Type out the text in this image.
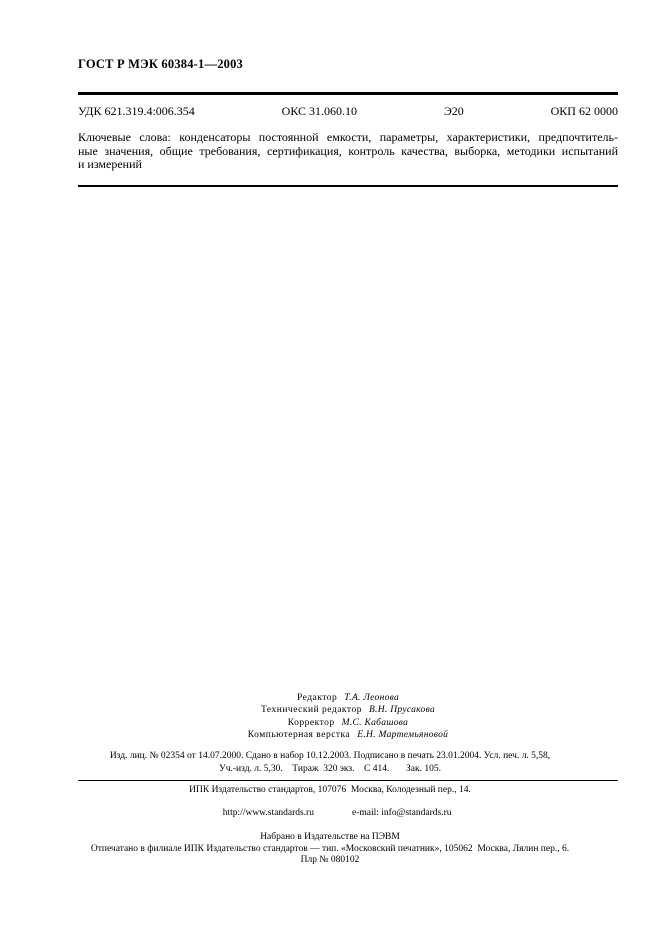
ГОСТ Р МЭК 60384-1—2003
УДК 621.319.4:006.354	ОКС 31.060.10	Э20	ОКП 62 0000
Ключевые слова: конденсаторы постоянной емкости, параметры, характеристики, предпочтитель-
ные значения, общие требования, сертификация, контроль качества, выборка, методики испытаний
и измерений
Редактор Т.А. Леонова
Технический редактор В.Н. Прусакова
Корректор М.С. Кабашова
Компьютерная верстка Е.Н. Мартемьяновой
Изд. лиц. № 02354 от 14.07.2000. Сдано в набор 10.12.2003. Подписано в печать 23.01.2004. Усл. печ. л. 5,58,
Уч.-изд. л. 5,30.    Тираж  320 экз.    С 414.       Зак. 105.
ИПК Издательство стандартов, 107076  Москва, Колодезный пер., 14.

http://www.standards.ru	e-mail: info@standards.ru

Набрано в Издательстве на ПЭВМ
Отпечатано в филиале ИПК Издательство стандартов — тип. «Московский печатник», 105062  Москва, Лялин пер., 6.
Плр № 080102
